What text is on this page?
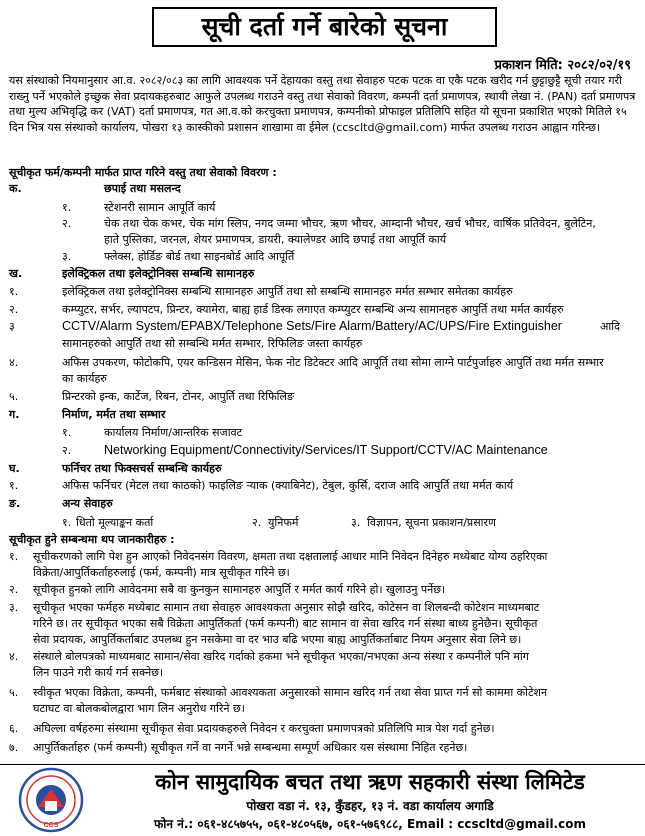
सूची दर्ता गर्ने बारेको सूचना
प्रकाशन मिति: २०८२/०२/१९

यस संस्थाको नियमानुसार आ.व. २०८२/०८३ का लागि आवश्यक पर्ने देहायका वस्तु तथा सेवाहरु पटक पटक वा एकै पटक खरीद गर्न छुट्टाछुट्टै सूची तयार गरी राख्नु पर्ने भएकोले इच्छुक सेवा प्रदायकहरुबाट आफुले उपलब्ध गराउने वस्तु तथा सेवाको विवरण, कम्पनी दर्ता प्रमाणपत्र, स्थायी लेखा नं. (PAN) दर्ता प्रमाणपत्र तथा मुल्य अभिवृद्धि कर (VAT) दर्ता प्रमाणपत्र, गत आ.व.को करचुक्ता प्रमाणपत्र, कम्पनीको प्रोफाइल प्रतिलिपि सहित यो सूचना प्रकाशित भएको मितिले १५ दिन भित्र यस संस्थाको कार्यालय, पोखरा १३ कास्कीको प्रशासन शाखामा वा ईमेल (ccscltd@gmail.com) मार्फत उपलब्ध गराउन आह्वान गरिन्छ।

सूचीकृत फर्म/कम्पनी मार्फत प्राप्त गरिने वस्तु तथा सेवाको विवरण :
क.	छपाई तथा मसलन्द
१.	स्टेशनरी सामान आपूर्ति कार्य
२.	चेक तथा चेक कभर, चेक मांग स्लिप, नगद जम्मा भौचर, ऋण भौचर, आम्दानी भौचर, खर्च भौचर, वार्षिक प्रतिवेदन, बुलेटिन,
हाते पुस्तिका, जरनल, शेयर प्रमाणपत्र, डायरी, क्यालेण्डर आदि छपाई तथा आपूर्ति कार्य
३.	फ्लेक्स, होर्डिङ बोर्ड तथा साइनबोर्ड आदि आपूर्ति
ख.	इलेक्ट्रिकल तथा इलेक्ट्रोनिक्स सम्बन्धि सामानहरु
१.	इलेक्ट्रिकल तथा इलेक्ट्रोनिक्स सम्बन्धि सामानहरु आपुर्ति तथा सो सम्बन्धि सामानहरु मर्मत सम्भार समेतका कार्यहरु
२.	कम्प्युटर, सर्भर, ल्यापटप, प्रिन्टर, क्यामेरा, बाह्य हार्ड डिस्क लगाएत कम्प्युटर सम्बन्धि अन्य सामानहरु आपुर्ति तथा मर्मत कार्यहरु
३	CCTV/Alarm System/EPABX/Telephone Sets/Fire Alarm/Battery/AC/UPS/Fire Extinguisher	आदि
सामानहरुको आपुर्ति तथा सो सम्बन्धि मर्मत सम्भार, रिफिलिङ जस्ता कार्यहरु
४.	अफिस उपकरण, फोटोकपि, एयर कन्डिसन मेसिन, फेक नोट डिटेक्टर आदि आपूर्ति तथा सोमा लाग्ने पार्टपुर्जाहरु आपुर्ति तथा मर्मत सम्भार
का कार्यहरु
५.	प्रिन्टरको इन्क, कार्टेज, रिबन, टोनर, आपुर्ति तथा रिफिलिङ
ग.	निर्माण, मर्मत तथा सम्भार
१.	कार्यालय निर्माण/आन्तरिक सजावट
२.	Networking Equipment/Connectivity/Services/IT Support/CCTV/AC Maintenance
घ.	फर्निचर तथा फिक्सचर्स सम्बन्धि कार्यहरु
१.	अफिस फर्निचर (मेटल तथा काठको) फाइलिङ र्‍याक (क्याबिनेट), टेबुल, कुर्सि, दराज आदि आपुर्ति तथा मर्मत कार्य
ङ.	अन्य सेवाहरु
१. धितो मूल्याङ्कन कर्ता	२. युनिफर्म	३. विज्ञापन, सूचना प्रकाशन/प्रसारण
सूचीकृत हुने सम्बन्धमा थप जानकारीहरु :
१. सूचीकरणको लागि पेश हुन आएको निवेदनसंग विवरण, क्षमता तथा दक्षतालाई आधार मानि निवेदन दिनेहरु मध्येबाट योग्य ठहरिएका
विक्रेता/आपुर्तिकर्ताहरुलाई (फर्म, कम्पनी) मात्र सूचीकृत गरिने छ।
२. सूचीकृत हुनको लागि आवेदनमा सबै वा कुनकुन सामानहरु आपुर्ति र मर्मत कार्य गरिने हो। खुलाउनु पर्नेछ।
३. सूचीकृत भएका फर्महरु मध्येबाट सामान तथा सेवाहरु आवश्यकता अनुसार सोझै खरिद, कोटेसन वा शिलबन्दी कोटेशन माध्यमबाट
गरिने छ। तर सूचीकृत भएका सबै विक्रेता आपुर्तिकर्ता (फर्म कम्पनी) बाट सामान वा सेवा खरिद गर्न संस्था बाध्य हुनेछैन। सूचीकृत
सेवा प्रदायक, आपुर्तिकर्ताबाट उपलब्ध हुन नसकेमा वा दर भाउ बढि भएमा बाह्य आपुर्तिकर्ताबाट नियम अनुसार सेवा लिने छ।
४. संस्थाले बोलपत्रको माध्यमबाट सामान/सेवा खरिद गर्दाको हकमा भने सूचीकृत भएका/नभएका अन्य संस्था र कम्पनीले पनि मांग
लिन पाउने गरी कार्य गर्न सक्नेछ।
५. स्वीकृत भएका विक्रेता, कम्पनी, फर्मबाट संस्थाको आवश्यकता अनुसारको सामान खरिद गर्न तथा सेवा प्राप्त गर्न सो काममा कोटेशन
घटाघट वा बोलकबोलद्वारा भाग लिन अनुरोध गरिने छ।
६. अघिल्ला वर्षहरुमा संस्थामा सूचीकृत सेवा प्रदायकहरुले निवेदन र करचुक्ता प्रमाणपत्रको प्रतिलिपि मात्र पेश गर्दा हुनेछ।
७. आपुर्तिकर्ताहरु (फर्म कम्पनी) सूचीकृत गर्ने वा नगर्ने भन्ने सम्बन्धमा सम्पूर्ण अधिकार यस संस्थामा निहित रहनेछ।
CCS
कोन सामुदायिक बचत तथा ऋण सहकारी संस्था लिमिटेड
पोखरा वडा नं. १३, कुँडहर, १३ नं. वडा कार्यालय अगाडि
फोन नं.: ०६१-४८५७५५, ०६१-४८०५६७, ०६१-५७६९८८, Email : ccscltd@gmail.com
